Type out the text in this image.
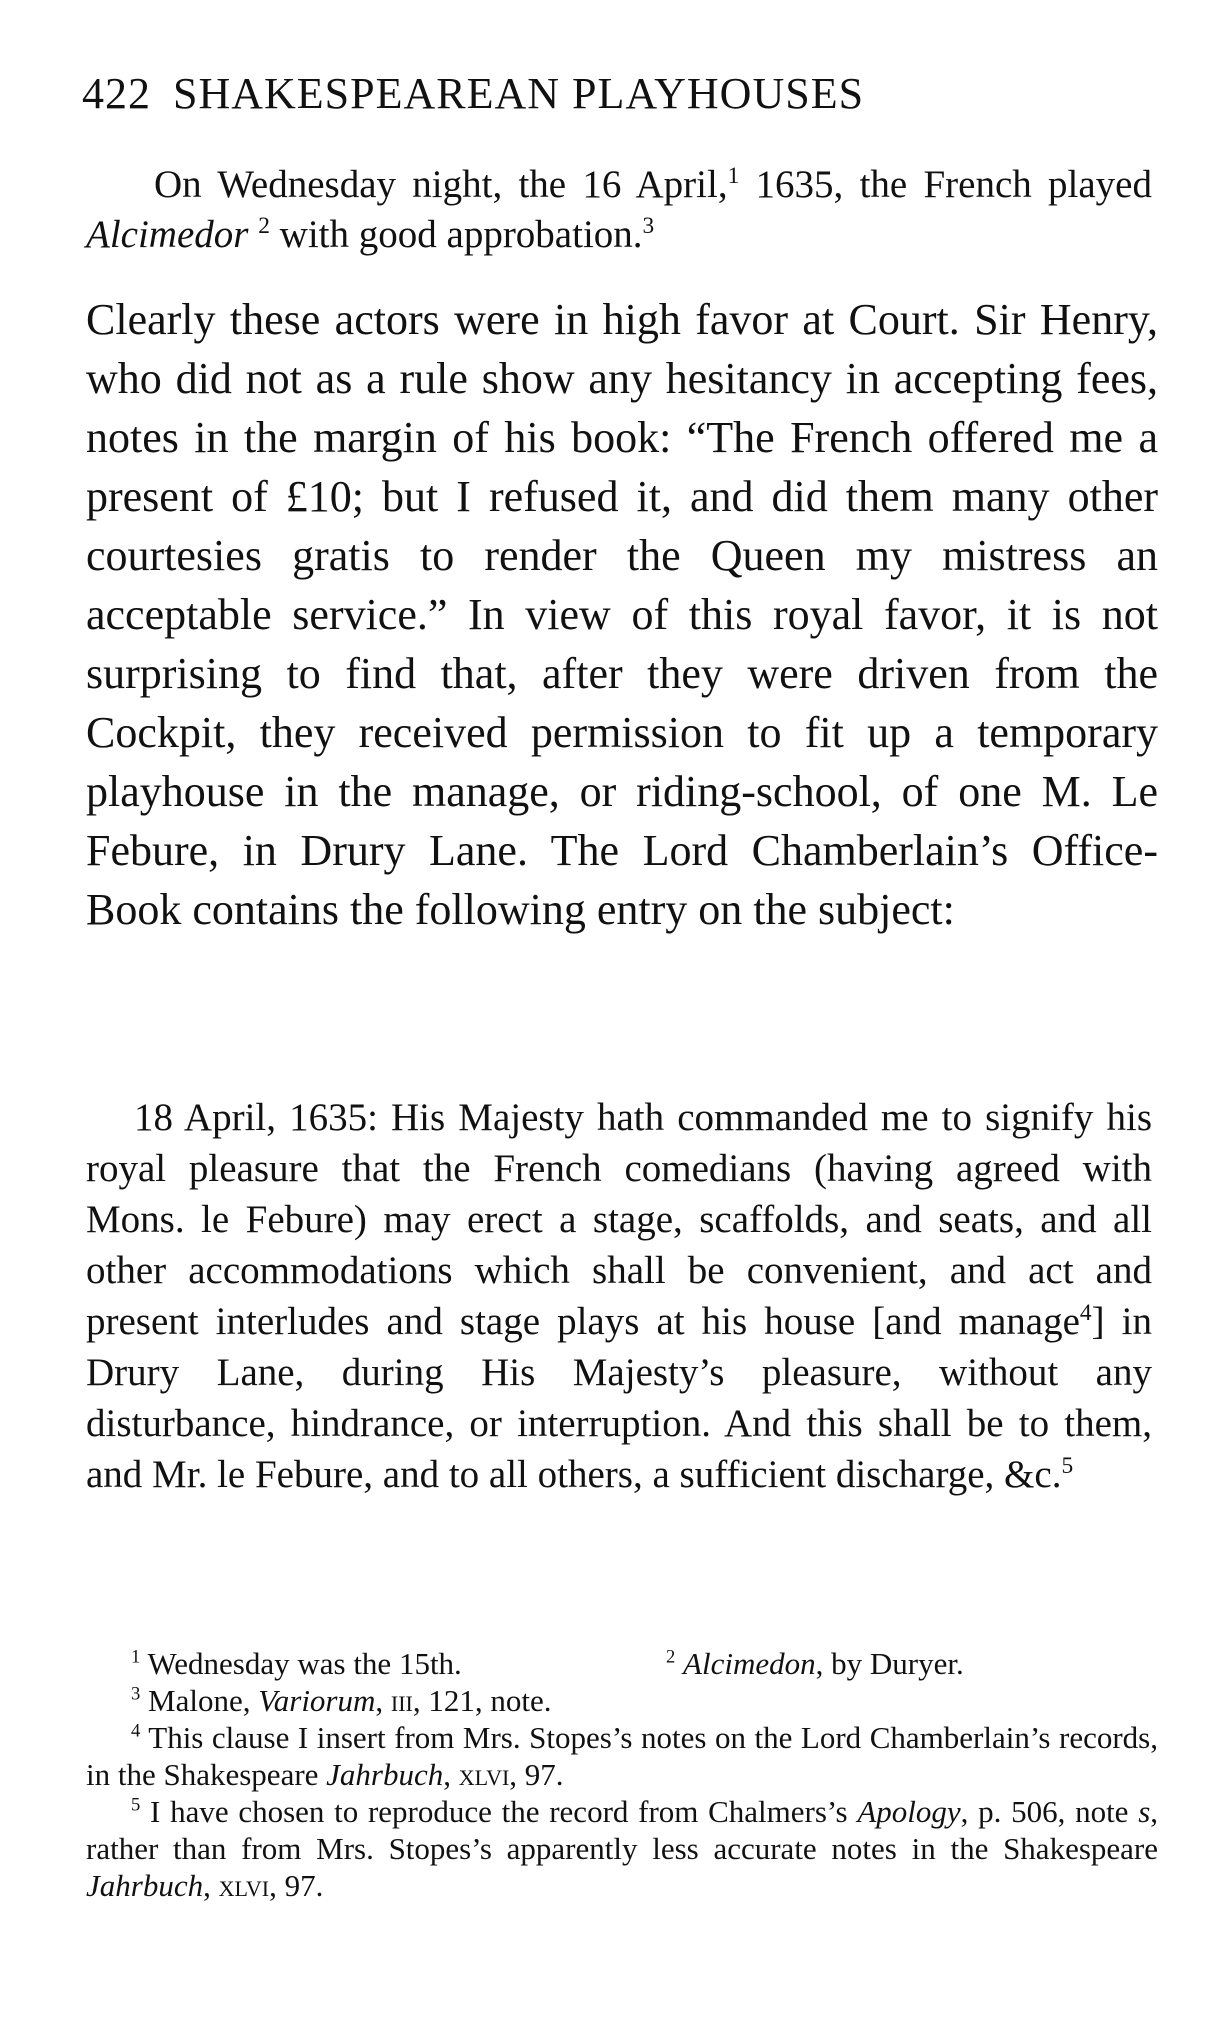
422 SHAKESPEAREAN PLAYHOUSES
On Wednesday night, the 16 April,$^1$ 1635, the French played Alcimedor $^2$ with good approbation.$^3$
Clearly these actors were in high favor at Court. Sir Henry, who did not as a rule show any hesitancy in accepting fees, notes in the margin of his book: “The French offered me a present of £10; but I refused it, and did them many other courtesies gratis to render the Queen my mistress an acceptable service.” In view of this royal favor, it is not surprising to find that, after they were driven from the Cockpit, they received permission to fit up a temporary playhouse in the manage, or riding-school, of one M. Le Febure, in Drury Lane. The Lord Chamberlain’s Office-Book contains the following entry on the subject:
18 April, 1635: His Majesty hath commanded me to signify his royal pleasure that the French comedians (having agreed with Mons. le Febure) may erect a stage, scaffolds, and seats, and all other accommodations which shall be convenient, and act and present interludes and stage plays at his house [and manage$^4$] in Drury Lane, during His Majesty’s pleasure, without any disturbance, hindrance, or interruption. And this shall be to them, and Mr. le Febure, and to all others, a sufficient discharge, &c.$^5$
$^1$ Wednesday was the 15th.	$^2$ Alcimedon, by Duryer.
$^3$ Malone, Variorum, iii, 121, note.
$^4$ This clause I insert from Mrs. Stopes’s notes on the Lord Chamberlain’s records, in the Shakespeare Jahrbuch, xlvi, 97.
$^5$ I have chosen to reproduce the record from Chalmers’s Apology, p. 506, note s, rather than from Mrs. Stopes’s apparently less accurate notes in the Shakespeare Jahrbuch, xlvi, 97.
